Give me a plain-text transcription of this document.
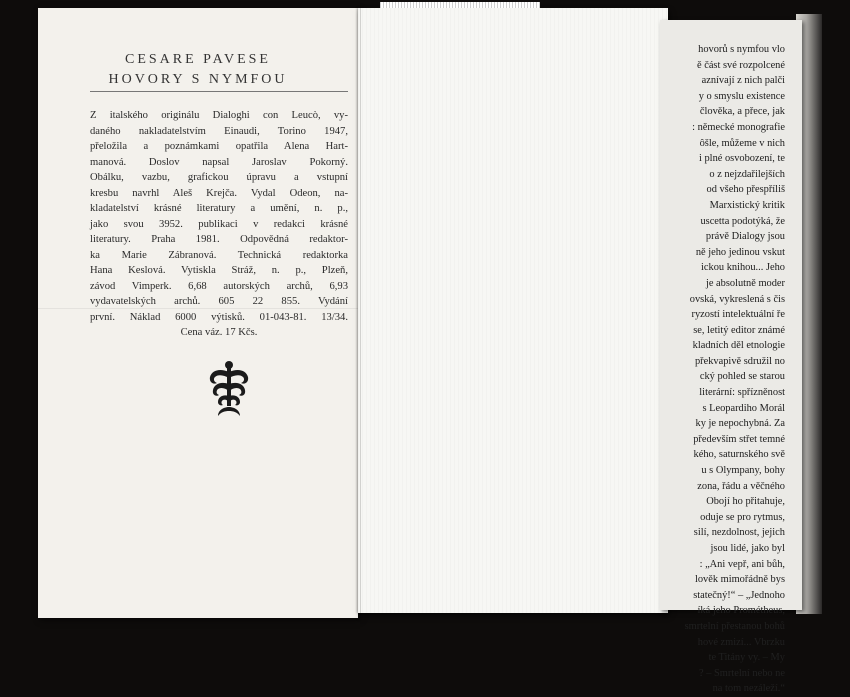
CESARE PAVESE
HOVORY S NYMFOU
Z italského originálu Dialoghi con Leucò, vy-
daného nakladatelstvím Einaudi, Torino 1947,
přeložila a poznámkami opatřila Alena Hart-
manová. Doslov napsal Jaroslav Pokorný.
Obálku, vazbu, grafickou úpravu a vstupní
kresbu navrhl Aleš Krejča. Vydal Odeon, na-
kladatelství krásné literatury a umění, n. p.,
jako svou 3952. publikaci v redakci krásné
literatury. Praha 1981. Odpovědná redaktor-
ka Marie Zábranová. Technická redaktorka
Hana Keslová. Vytiskla Stráž, n. p., Plzeň,
závod Vimperk. 6,68 autorských archů, 6,93
vydavatelských archů. 605 22 855. Vydání
první. Náklad 6000 výtisků. 01-043-81. 13/34.
Cena váz. 17 Kčs.
hovorů s nymfou vlo
ě část své rozpolcené
aznívají z nich palči
y o smyslu existence
člověka, a přece, jak
: německé monografie
ôšle, můžeme v nich
i plné osvobození, te
o z nejzdařilejších
od všeho přespříliš
Marxistický kritik
uscetta podotýká, že
právě Dialogy jsou
ně jeho jedinou vskut
ickou knihou... Jeho
je absolutně moder
ovská, vykreslená s čis
ryzostí intelektuální ře
se, letitý editor známé
kladních děl etnologie
překvapivě sdružil no
cký pohled se starou
literární: spřízněnost
s Leopardiho Morál
ky je nepochybná. Za
především střet temné
kého, saturnského svě
u s Olympany, bohy
zona, řádu a věčného
Obojí ho přitahuje,
oduje se pro rytmus,
silí, nezdolnost, jejich
jsou lidé, jako byl
: „Ani vepř, ani bůh,
lověk mimořádně bys
statečný!“ – „Jednoho
íká jeho Prométheus,
smrtelní přestanou bohů
hové zmizí... Vbrzku
te Titány vy. – My
? – Smrtelní nebo ne
na tom nezáleží.“
